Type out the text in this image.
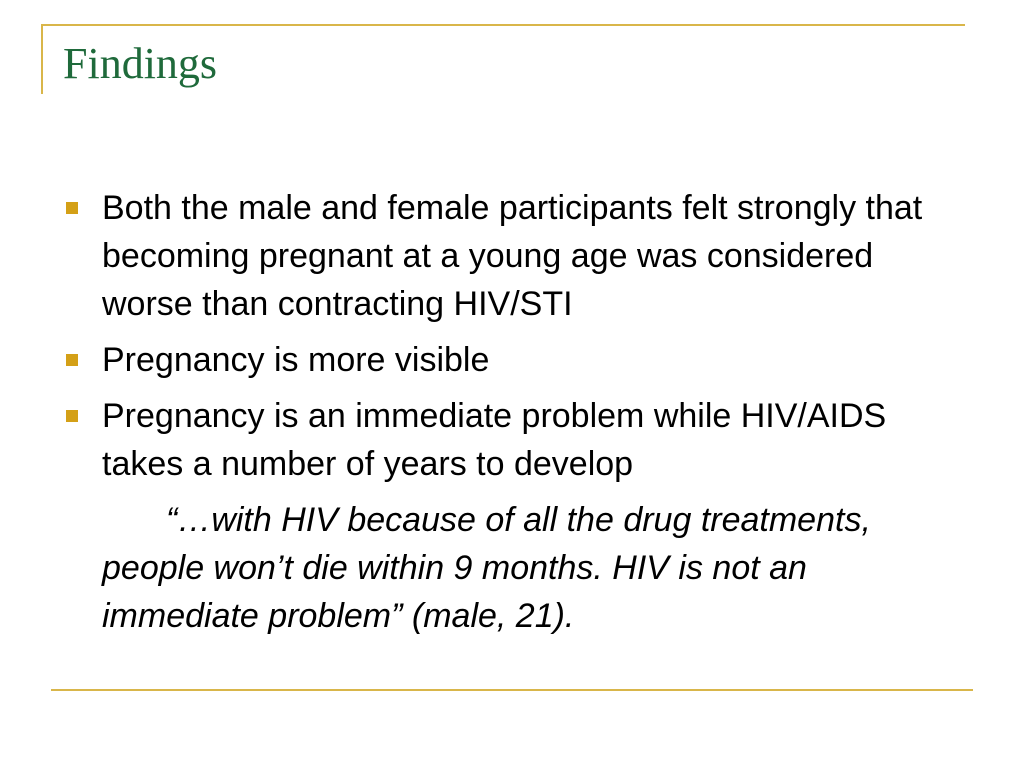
Findings
Both the male and female participants felt strongly that becoming pregnant at a young age was considered worse than contracting HIV/STI
Pregnancy is more visible
Pregnancy is an immediate problem while HIV/AIDS takes a number of years to develop
“…with HIV because of all the drug treatments, people won’t die within 9 months. HIV is not an immediate problem” (male, 21).
